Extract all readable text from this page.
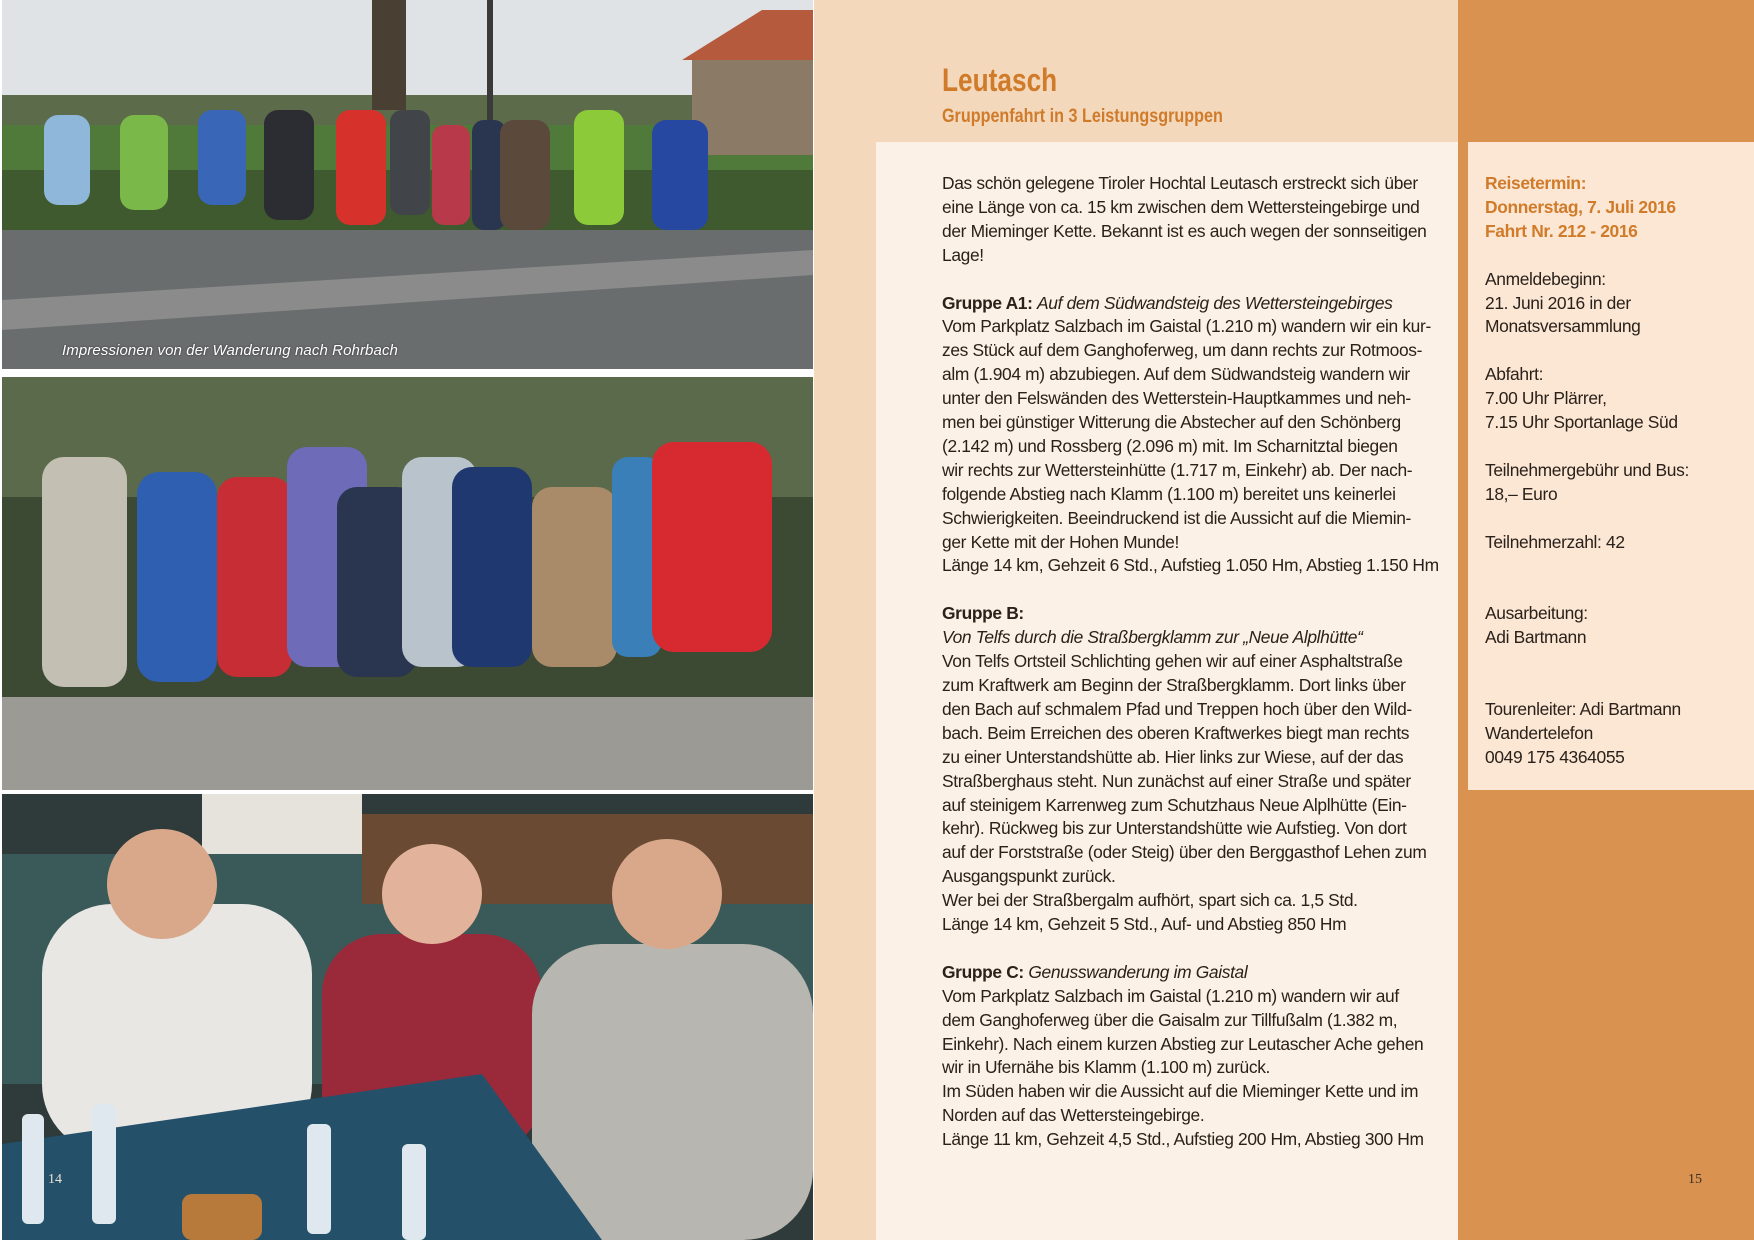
Impressionen von der Wanderung nach Rohrbach
14
Leutasch
Gruppenfahrt in 3 Leistungsgruppen

Das schön gelegene Tiroler Hochtal Leutasch erstreckt sich über

eine Länge von ca. 15 km zwischen dem Wettersteingebirge und

der Mieminger Kette. Bekannt ist es auch wegen der sonnseitigen

Lage!

Gruppe A1: Auf dem Südwandsteig des Wettersteingebirges

Vom Parkplatz Salzbach im Gaistal (1.210 m) wandern wir ein kur-

zes Stück auf dem Ganghoferweg, um dann rechts zur Rotmoos-

alm (1.904 m) abzubiegen. Auf dem Südwandsteig wandern wir

unter den Felswänden des Wetterstein-Hauptkammes und neh-

men bei günstiger Witterung die Abstecher auf den Schönberg

(2.142 m) und Rossberg (2.096 m) mit. Im Scharnitztal biegen

wir rechts zur Wettersteinhütte (1.717 m, Einkehr) ab. Der nach-

folgende Abstieg nach Klamm (1.100 m) bereitet uns keinerlei

Schwierigkeiten. Beeindruckend ist die Aussicht auf die Miemin-

ger Kette mit der Hohen Munde!

Länge 14 km, Gehzeit 6 Std., Aufstieg 1.050 Hm, Abstieg 1.150 Hm

Gruppe B:

Von Telfs durch die Straßbergklamm zur „Neue Alplhütte“

Von Telfs Ortsteil Schlichting gehen wir auf einer Asphaltstraße

zum Kraftwerk am Beginn der Straßbergklamm. Dort links über

den Bach auf schmalem Pfad und Treppen hoch über den Wild-

bach. Beim Erreichen des oberen Kraftwerkes biegt man rechts

zu einer Unterstandshütte ab. Hier links zur Wiese, auf der das

Straßberghaus steht. Nun zunächst auf einer Straße und später

auf steinigem Karrenweg zum Schutzhaus Neue Alplhütte (Ein-

kehr). Rückweg bis zur Unterstandshütte wie Aufstieg. Von dort

auf der Forststraße (oder Steig) über den Berggasthof Lehen zum

Ausgangspunkt zurück.

Wer bei der Straßbergalm aufhört, spart sich ca. 1,5 Std.

Länge 14 km, Gehzeit 5 Std., Auf- und Abstieg 850 Hm

Gruppe C: Genusswanderung im Gaistal

Vom Parkplatz Salzbach im Gaistal (1.210 m) wandern wir auf

dem Ganghoferweg über die Gaisalm zur Tillfußalm (1.382 m,

Einkehr). Nach einem kurzen Abstieg zur Leutascher Ache gehen

wir in Ufernähe bis Klamm (1.100 m) zurück.

Im Süden haben wir die Aussicht auf die Mieminger Kette und im

Norden auf das Wettersteingebirge.

Länge 11 km, Gehzeit 4,5 Std., Aufstieg 200 Hm, Abstieg 300 Hm

Reisetermin:

Donnerstag, 7. Juli 2016

Fahrt Nr. 212 - 2016

Anmeldebeginn:

21. Juni 2016 in der

Monatsversammlung

Abfahrt:

7.00 Uhr Plärrer,

7.15 Uhr Sportanlage Süd

Teilnehmergebühr und Bus:

18,– Euro

Teilnehmerzahl: 42

Ausarbeitung:

Adi Bartmann

Tourenleiter: Adi Bartmann

Wandertelefon

0049 175 4364055

15
